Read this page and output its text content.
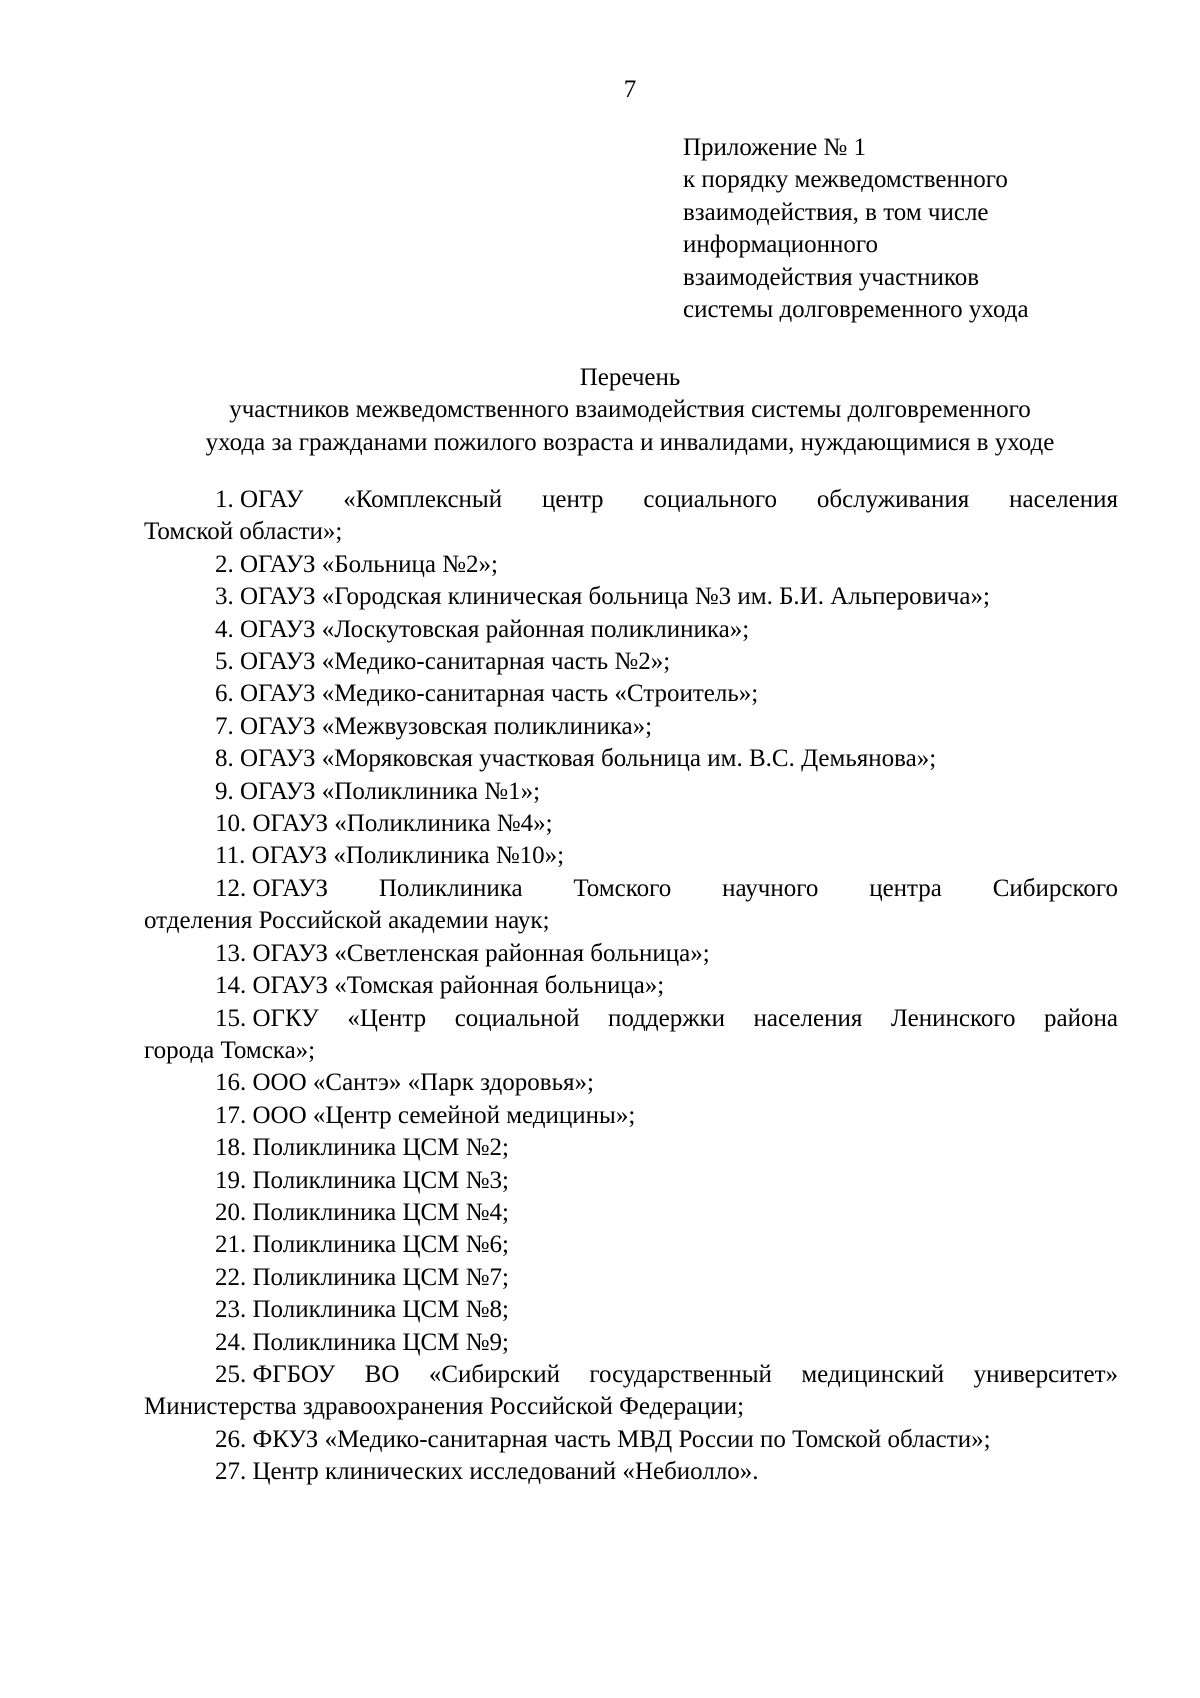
7
Приложение № 1
к порядку межведомственного
взаимодействия, в том числе
информационного
взаимодействия участников
системы долговременного ухода
Перечень
участников межведомственного взаимодействия системы долговременного
ухода за гражданами пожилого возраста и инвалидами, нуждающимися в уходе
1. ОГАУ «Комплексный центр социального обслуживания населения
Томской области»;
2. ОГАУЗ «Больница №2»;
3. ОГАУЗ «Городская клиническая больница №3 им. Б.И. Альперовича»;
4. ОГАУЗ «Лоскутовская районная поликлиника»;
5. ОГАУЗ «Медико-санитарная часть №2»;
6. ОГАУЗ «Медико-санитарная часть «Строитель»;
7. ОГАУЗ «Межвузовская поликлиника»;
8. ОГАУЗ «Моряковская участковая больница им. В.С. Демьянова»;
9. ОГАУЗ «Поликлиника №1»;
10. ОГАУЗ «Поликлиника №4»;
11. ОГАУЗ «Поликлиника №10»;
12. ОГАУЗ Поликлиника Томского научного центра Сибирского
отделения Российской академии наук;
13. ОГАУЗ «Светленская районная больница»;
14. ОГАУЗ «Томская районная больница»;
15. ОГКУ «Центр социальной поддержки населения Ленинского района
города Томска»;
16. ООО «Сантэ» «Парк здоровья»;
17. ООО «Центр семейной медицины»;
18. Поликлиника ЦСМ №2;
19. Поликлиника ЦСМ №3;
20. Поликлиника ЦСМ №4;
21. Поликлиника ЦСМ №6;
22. Поликлиника ЦСМ №7;
23. Поликлиника ЦСМ №8;
24. Поликлиника ЦСМ №9;
25. ФГБОУ ВО «Сибирский государственный медицинский университет»
Министерства здравоохранения Российской Федерации;
26. ФКУЗ «Медико-санитарная часть МВД России по Томской области»;
27. Центр клинических исследований «Небиолло».
